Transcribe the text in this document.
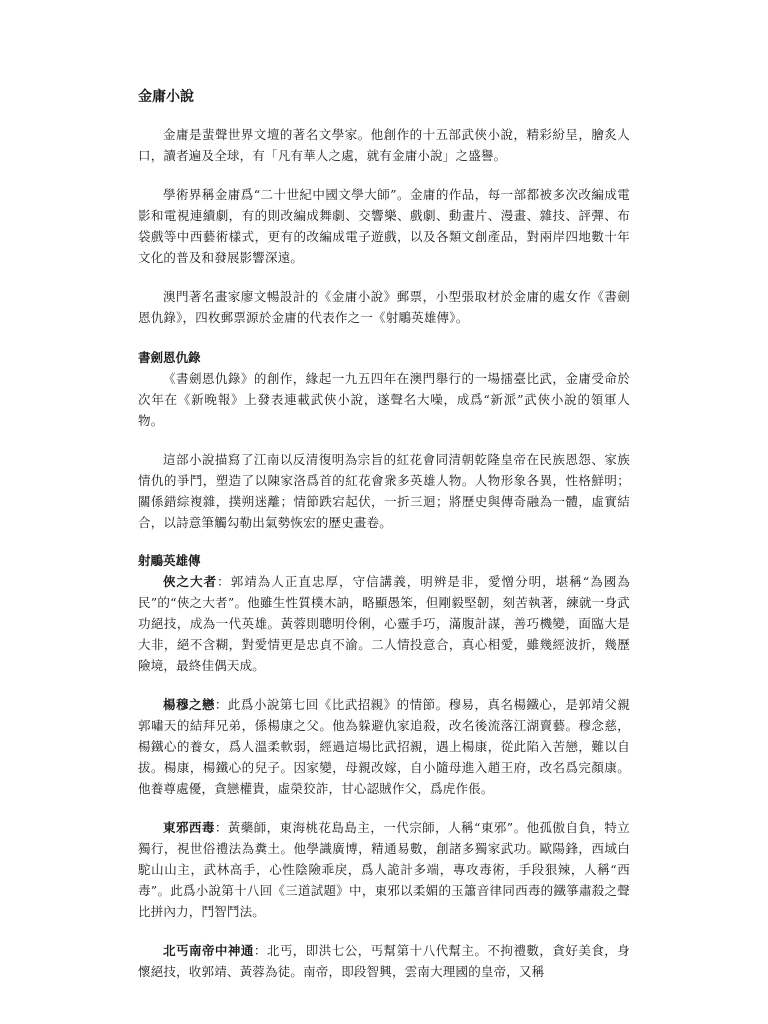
金庸小說

金庸是蜚聲世界文壇的著名文學家。他創作的十五部武俠小說，精彩紛呈，膾炙人口，讀者遍及全球，有「凡有華人之處，就有金庸小說」之盛譽。

學術界稱金庸爲“二十世紀中國文學大師”。金庸的作品，每一部都被多次改編成電影和電視連續劇，有的則改編成舞劇、交響樂、戲劇、動畫片、漫畫、雜技、評彈、布袋戲等中西藝術樣式，更有的改編成電子遊戲，以及各類文創產品，對兩岸四地數十年文化的普及和發展影響深遠。

澳門著名畫家廖文暢設計的《金庸小說》郵票，小型張取材於金庸的處女作《書劍恩仇錄》，四枚郵票源於金庸的代表作之一《射鵰英雄傳》。

書劍恩仇錄

《書劍恩仇錄》的創作，緣起一九五四年在澳門舉行的一場擂臺比武，金庸受命於次年在《新晚報》上發表連載武俠小說，遂聲名大噪，成爲“新派”武俠小說的領軍人物。

這部小說描寫了江南以反清復明為宗旨的紅花會同清朝乾隆皇帝在民族恩怨、家族情仇的爭鬥，塑造了以陳家洛爲首的紅花會衆多英雄人物。人物形象各異，性格鮮明；關係錯綜複雜，撲朔迷離；情節跌宕起伏，一折三迴；將歷史與傳奇融為一體，虛實結合，以詩意筆觸勾勒出氣勢恢宏的歷史畫卷。

射鵰英雄傳

俠之大者：郭靖為人正直忠厚，守信講義，明辨是非，愛憎分明，堪稱“為國為民”的“俠之大者”。他雖生性質樸木訥，略顯愚笨，但剛毅堅韌，刻苦執著，練就一身武功絕技，成為一代英雄。黃蓉則聰明伶俐，心靈手巧，滿腹計謀，善巧機變，面臨大是大非，絕不含糊，對愛情更是忠貞不渝。二人情投意合，真心相愛，雖幾經波折，幾歷險境，最終佳偶天成。

楊穆之戀：此爲小說第七回《比武招親》的情節。穆易，真名楊鐵心，是郭靖父親郭嘯天的結拜兄弟，係楊康之父。他為躲避仇家追殺，改名後流落江湖賣藝。穆念慈，楊鐵心的養女，爲人溫柔軟弱，經過這場比武招親，遇上楊康，從此陷入苦戀，難以自拔。楊康，楊鐵心的兒子。因家變，母親改嫁，自小隨母進入趙王府，改名爲完顏康。他養尊處優，貪戀權貴，虛榮狡詐，甘心認賊作父，爲虎作倀。

東邪西毒：黃藥師，東海桃花島島主，一代宗師，人稱“東邪”。他孤傲自負，特立獨行，視世俗禮法為糞土。他學識廣博，精通易數，創諸多獨家武功。歐陽鋒，西域白駝山山主，武林高手，心性陰險乖戾，爲人詭計多端，專攻毒術，手段狠辣，人稱“西毒”。此爲小說第十八回《三道試題》中，東邪以柔媚的玉簫音律同西毒的鐵箏肅殺之聲比拼內力，鬥智鬥法。

北丐南帝中神通：北丐，即洪七公，丐幫第十八代幫主。不拘禮數，貪好美食，身懷絕技，收郭靖、黃蓉為徒。南帝，即段智興，雲南大理國的皇帝，又稱
